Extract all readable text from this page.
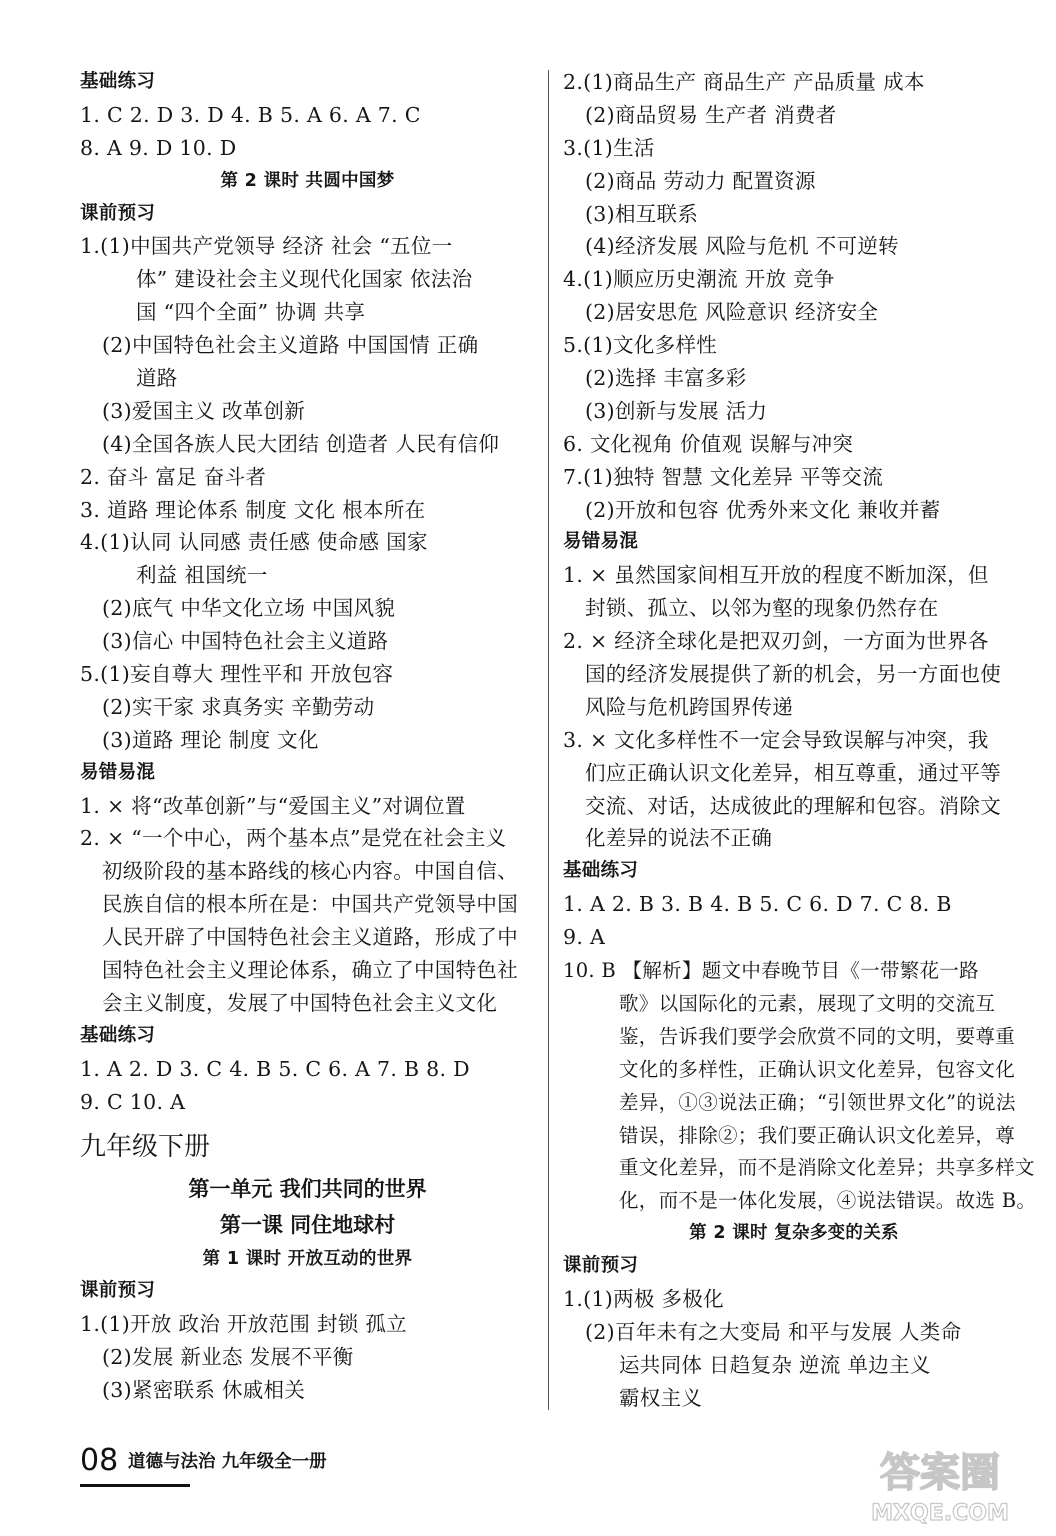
基础练习
1. C 2. D 3. D 4. B 5. A 6. A 7. C
8. A 9. D 10. D
第 2 课时 共圆中国梦
课前预习
1.(1)中国共产党领导 经济 社会 “五位一
体” 建设社会主义现代化国家 依法治
国 “四个全面” 协调 共享
(2)中国特色社会主义道路 中国国情 正确
道路
(3)爱国主义 改革创新
(4)全国各族人民大团结 创造者 人民有信仰
2. 奋斗 富足 奋斗者
3. 道路 理论体系 制度 文化 根本所在
4.(1)认同 认同感 责任感 使命感 国家
利益 祖国统一
(2)底气 中华文化立场 中国风貌
(3)信心 中国特色社会主义道路
5.(1)妄自尊大 理性平和 开放包容
(2)实干家 求真务实 辛勤劳动
(3)道路 理论 制度 文化
易错易混
1. × 将“改革创新”与“爱国主义”对调位置
2. × “一个中心，两个基本点”是党在社会主义
初级阶段的基本路线的核心内容。中国自信、
民族自信的根本所在是：中国共产党领导中国
人民开辟了中国特色社会主义道路，形成了中
国特色社会主义理论体系，确立了中国特色社
会主义制度，发展了中国特色社会主义文化
基础练习
1. A 2. D 3. C 4. B 5. C 6. A 7. B 8. D
9. C 10. A
九年级下册
第一单元 我们共同的世界
第一课 同住地球村
第 1 课时 开放互动的世界
课前预习
1.(1)开放 政治 开放范围 封锁 孤立
(2)发展 新业态 发展不平衡
(3)紧密联系 休戚相关
2.(1)商品生产 商品生产 产品质量 成本
(2)商品贸易 生产者 消费者
3.(1)生活
(2)商品 劳动力 配置资源
(3)相互联系
(4)经济发展 风险与危机 不可逆转
4.(1)顺应历史潮流 开放 竞争
(2)居安思危 风险意识 经济安全
5.(1)文化多样性
(2)选择 丰富多彩
(3)创新与发展 活力
6. 文化视角 价值观 误解与冲突
7.(1)独特 智慧 文化差异 平等交流
(2)开放和包容 优秀外来文化 兼收并蓄
易错易混
1. × 虽然国家间相互开放的程度不断加深，但
封锁、孤立、以邻为壑的现象仍然存在
2. × 经济全球化是把双刃剑，一方面为世界各
国的经济发展提供了新的机会，另一方面也使
风险与危机跨国界传递
3. × 文化多样性不一定会导致误解与冲突，我
们应正确认识文化差异，相互尊重，通过平等
交流、对话，达成彼此的理解和包容。消除文
化差异的说法不正确
基础练习
1. A 2. B 3. B 4. B 5. C 6. D 7. C 8. B
9. A
10. B 【解析】题文中春晚节目《一带繁花一路
歌》以国际化的元素，展现了文明的交流互
鉴，告诉我们要学会欣赏不同的文明，要尊重
文化的多样性，正确认识文化差异，包容文化
差异，①③说法正确；“引领世界文化”的说法
错误，排除②；我们要正确认识文化差异，尊
重文化差异，而不是消除文化差异；共享多样文
化，而不是一体化发展，④说法错误。故选 B。
第 2 课时 复杂多变的关系
课前预习
1.(1)两极 多极化
(2)百年未有之大变局 和平与发展 人类命
运共同体 日趋复杂 逆流 单边主义
霸权主义
08 道德与法治 九年级全一册	答案圈
MXQE.COM
